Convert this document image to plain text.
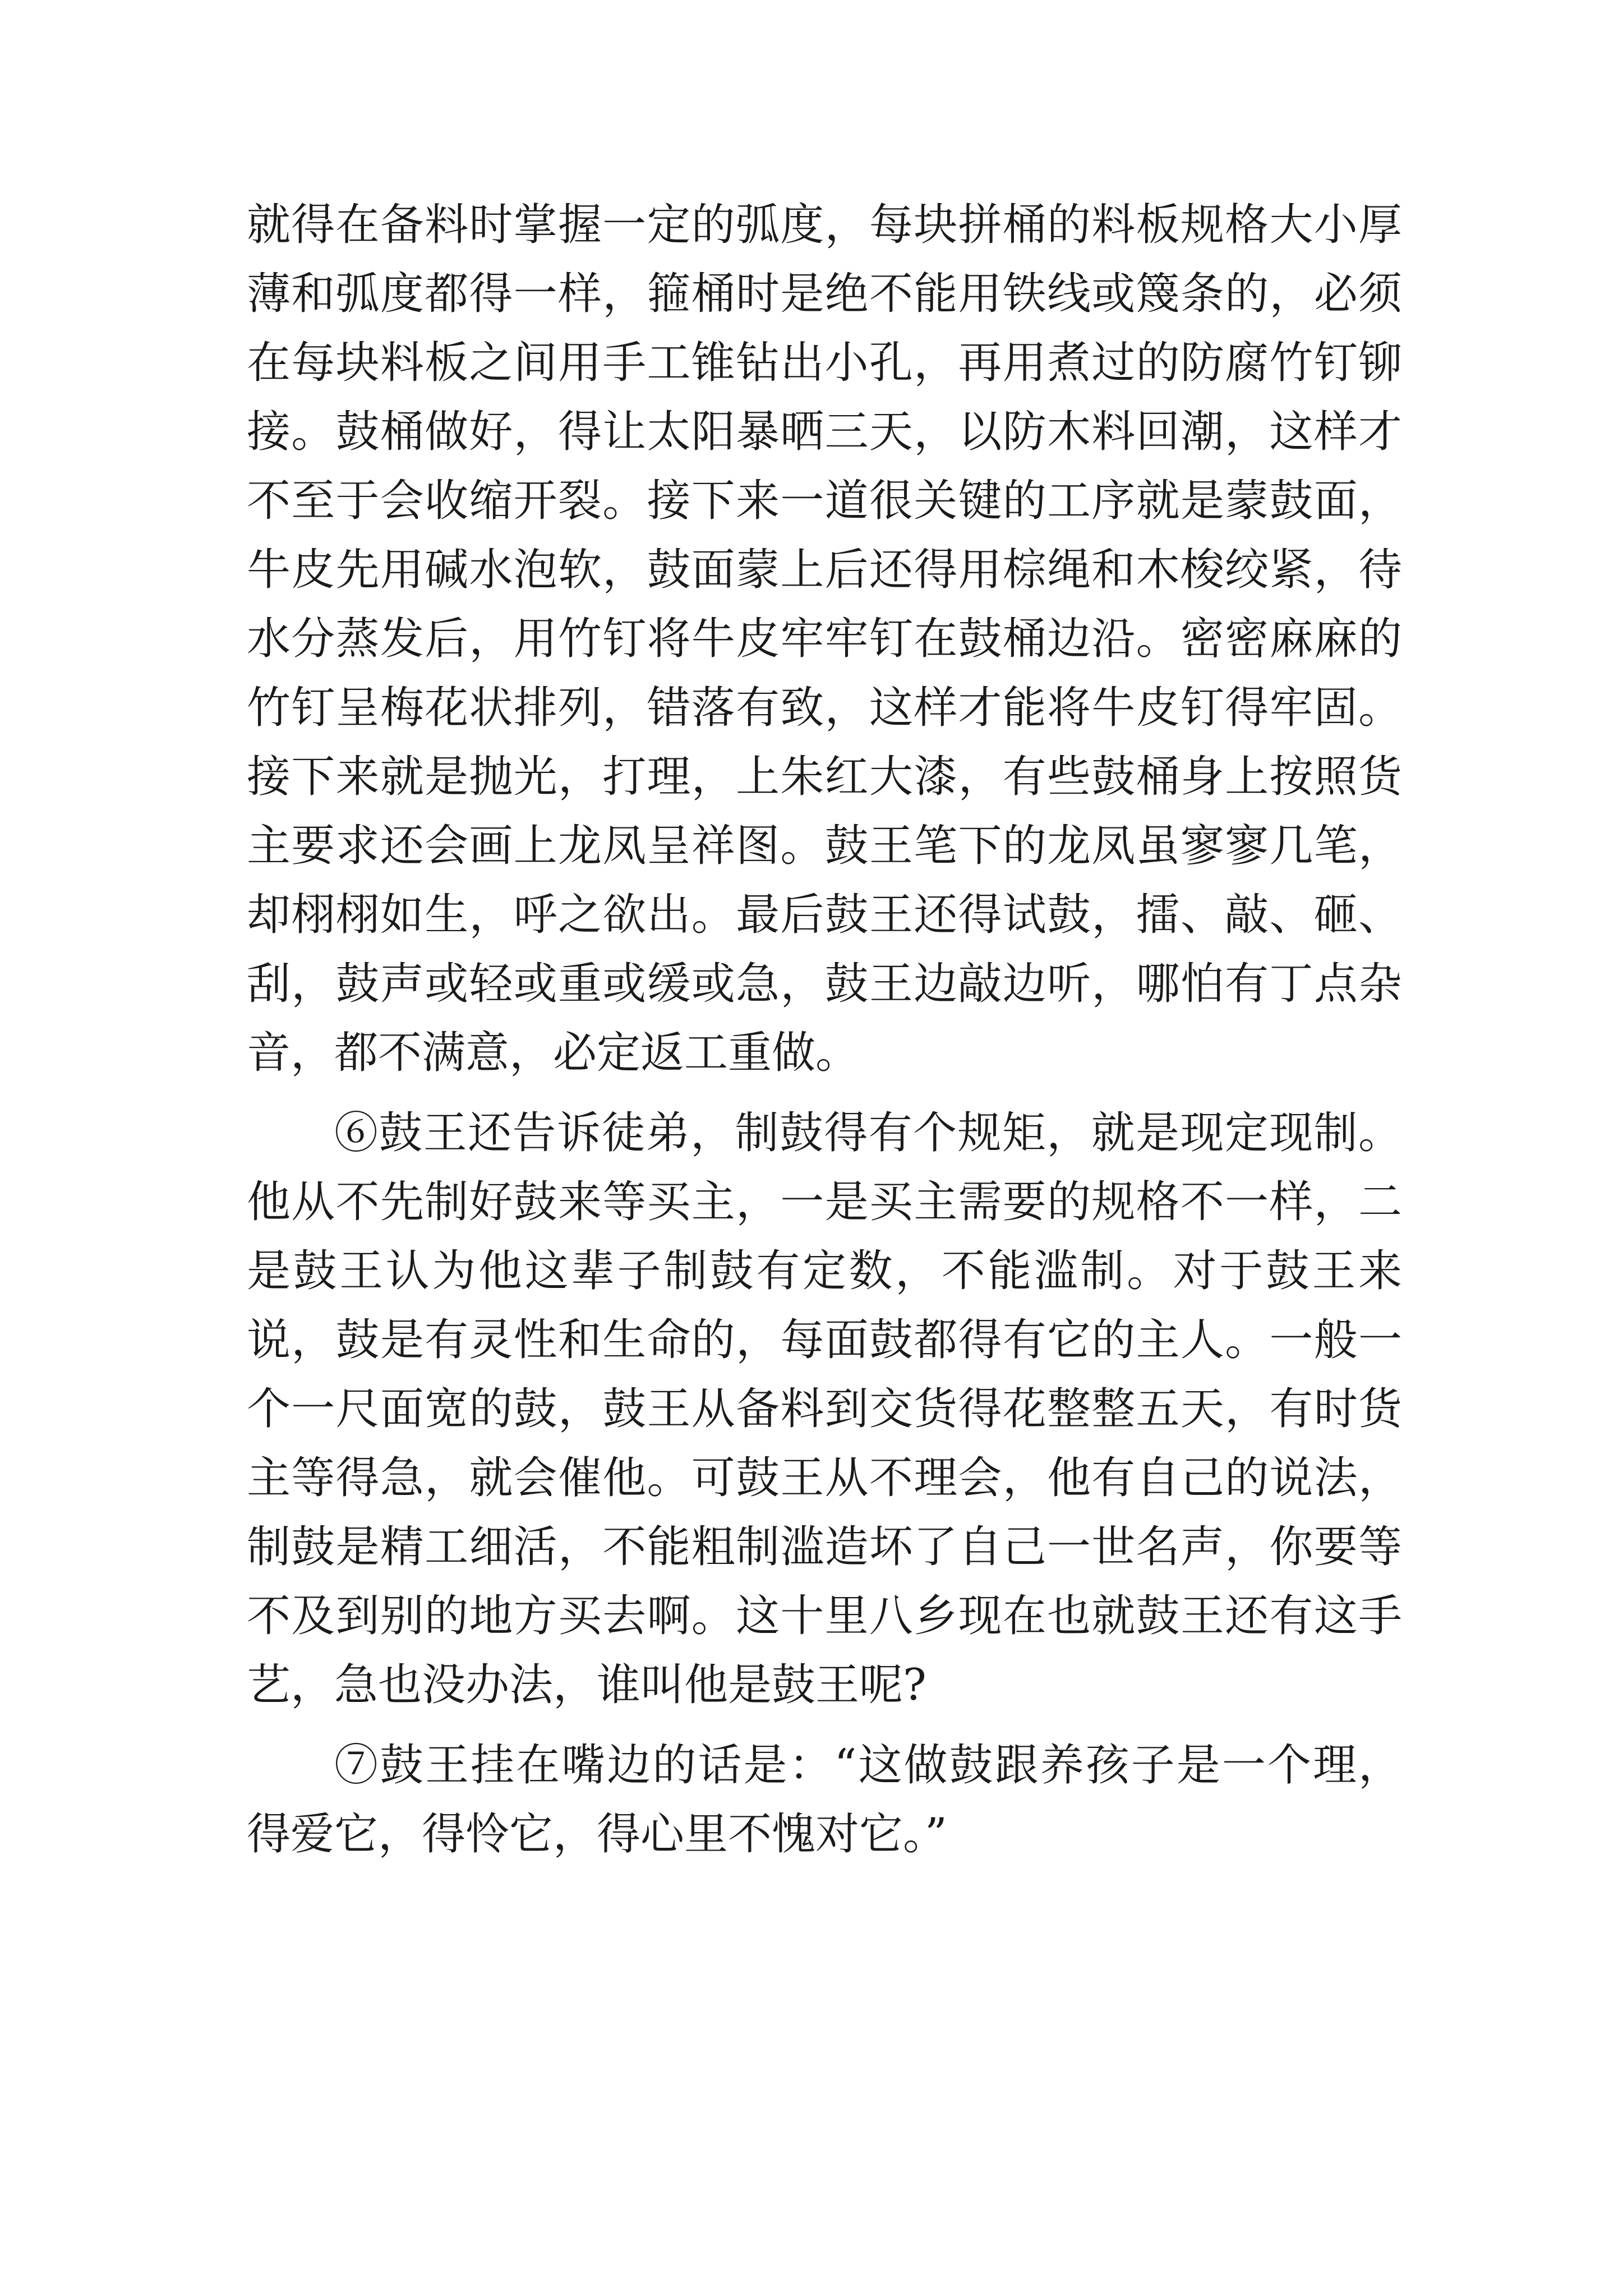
就得在备料时掌握一定的弧度，每块拼桶的料板规格大小厚薄和弧度都得一样，箍桶时是绝不能用铁线或篾条的，必须在每块料板之间用手工锥钻出小孔，再用煮过的防腐竹钉铆接。鼓桶做好，得让太阳暴晒三天，以防木料回潮，这样才不至于会收缩开裂。接下来一道很关键的工序就是蒙鼓面，牛皮先用碱水泡软，鼓面蒙上后还得用棕绳和木梭绞紧，待水分蒸发后，用竹钉将牛皮牢牢钉在鼓桶边沿。密密麻麻的竹钉呈梅花状排列，错落有致，这样才能将牛皮钉得牢固。接下来就是抛光，打理，上朱红大漆，有些鼓桶身上按照货主要求还会画上龙凤呈祥图。鼓王笔下的龙凤虽寥寥几笔，却栩栩如生，呼之欲出。最后鼓王还得试鼓，擂、敲、砸、刮，鼓声或轻或重或缓或急，鼓王边敲边听，哪怕有丁点杂音，都不满意，必定返工重做。

⑥鼓王还告诉徒弟，制鼓得有个规矩，就是现定现制。他从不先制好鼓来等买主，一是买主需要的规格不一样，二是鼓王认为他这辈子制鼓有定数，不能滥制。对于鼓王来说，鼓是有灵性和生命的，每面鼓都得有它的主人。一般一个一尺面宽的鼓，鼓王从备料到交货得花整整五天，有时货主等得急，就会催他。可鼓王从不理会，他有自己的说法，制鼓是精工细活，不能粗制滥造坏了自己一世名声，你要等不及到别的地方买去啊。这十里八乡现在也就鼓王还有这手艺，急也没办法，谁叫他是鼓王呢?

⑦鼓王挂在嘴边的话是：“这做鼓跟养孩子是一个理，得爱它，得怜它，得心里不愧对它。”
